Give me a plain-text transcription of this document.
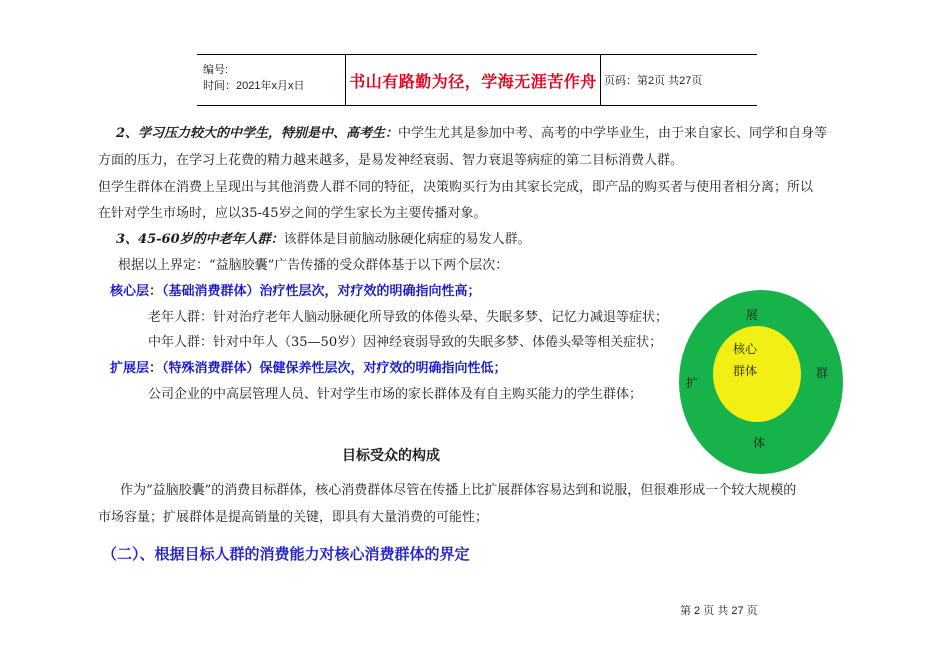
编号:
时间：2021年x月x日	书山有路勤为径，学海无涯苦作舟 页码：第2页 共27页
2、学习压力较大的中学生，特别是中、高考生：中学生尤其是参加中考、高考的中学毕业生，由于来自家长、同学和自身等
方面的压力，在学习上花费的精力越来越多，是易发神经衰弱、智力衰退等病症的第二目标消费人群。
但学生群体在消费上呈现出与其他消费人群不同的特征，决策购买行为由其家长完成，即产品的购买者与使用者相分离；所以
在针对学生市场时，应以35-45岁之间的学生家长为主要传播对象。
3、45-60岁的中老年人群：该群体是目前脑动脉硬化病症的易发人群。
根据以上界定：“益脑胶囊”广告传播的受众群体基于以下两个层次：
核心层：（基础消费群体）治疗性层次，对疗效的明确指向性高；
老年人群：针对治疗老年人脑动脉硬化所导致的体倦头晕、失眠多梦、记忆力减退等症状；
中年人群：针对中年人（35—50岁）因神经衰弱导致的失眠多梦、体倦头晕等相关症状；
扩展层：（特殊消费群体）保健保养性层次，对疗效的明确指向性低；
公司企业的中高层管理人员、针对学生市场的家长群体及有自主购买能力的学生群体；
展
扩
群
体
核心
群体
目标受众的构成
作为“益脑胶囊”的消费目标群体，核心消费群体尽管在传播上比扩展群体容易达到和说服，但很难形成一个较大规模的
市场容量；扩展群体是提高销量的关键，即具有大量消费的可能性；
（二）、根据目标人群的消费能力对核心消费群体的界定
第 2 页 共 27 页
